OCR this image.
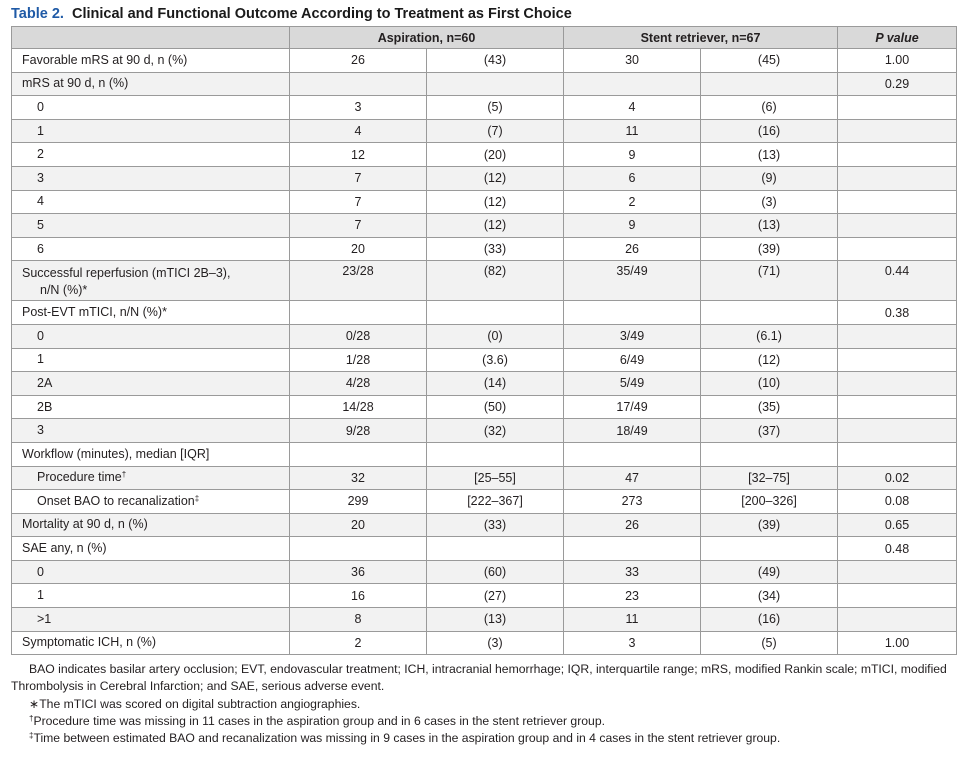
Table 2. Clinical and Functional Outcome According to Treatment as First Choice
	Aspiration, n=60		Stent retriever, n=67		P value
Favorable mRS at 90 d, n (%)	26	(43)	30	(45)	1.00
mRS at 90 d, n (%)					0.29
0	3	(5)	4	(6)	
1	4	(7)	11	(16)	
2	12	(20)	9	(13)	
3	7	(12)	6	(9)	
4	7	(12)	2	(3)	
5	7	(12)	9	(13)	
6	20	(33)	26	(39)	
Successful reperfusion (mTICI 2B–3),
n/N (%)*	23/28	(82)	35/49	(71)	0.44
Post-EVT mTICI, n/N (%)*					0.38
0	0/28	(0)	3/49	(6.1)	
1	1/28	(3.6)	6/49	(12)	
2A	4/28	(14)	5/49	(10)	
2B	14/28	(50)	17/49	(35)	
3	9/28	(32)	18/49	(37)	
Workflow (minutes), median [IQR]					
Procedure time†	32	[25–55]	47	[32–75]	0.02
Onset BAO to recanalization‡	299	[222–367]	273	[200–326]	0.08
Mortality at 90 d, n (%)	20	(33)	26	(39)	0.65
SAE any, n (%)					0.48
0	36	(60)	33	(49)	
1	16	(27)	23	(34)	
>1	8	(13)	11	(16)	
Symptomatic ICH, n (%)	2	(3)	3	(5)	1.00

BAO indicates basilar artery occlusion; EVT, endovascular treatment; ICH, intracranial hemorrhage; IQR, interquartile range; mRS, modified Rankin scale; mTICI, modified Thrombolysis in Cerebral Infarction; and SAE, serious adverse event.

∗The mTICI was scored on digital subtraction angiographies.

†Procedure time was missing in 11 cases in the aspiration group and in 6 cases in the stent retriever group.

‡Time between estimated BAO and recanalization was missing in 9 cases in the aspiration group and in 4 cases in the stent retriever group.
